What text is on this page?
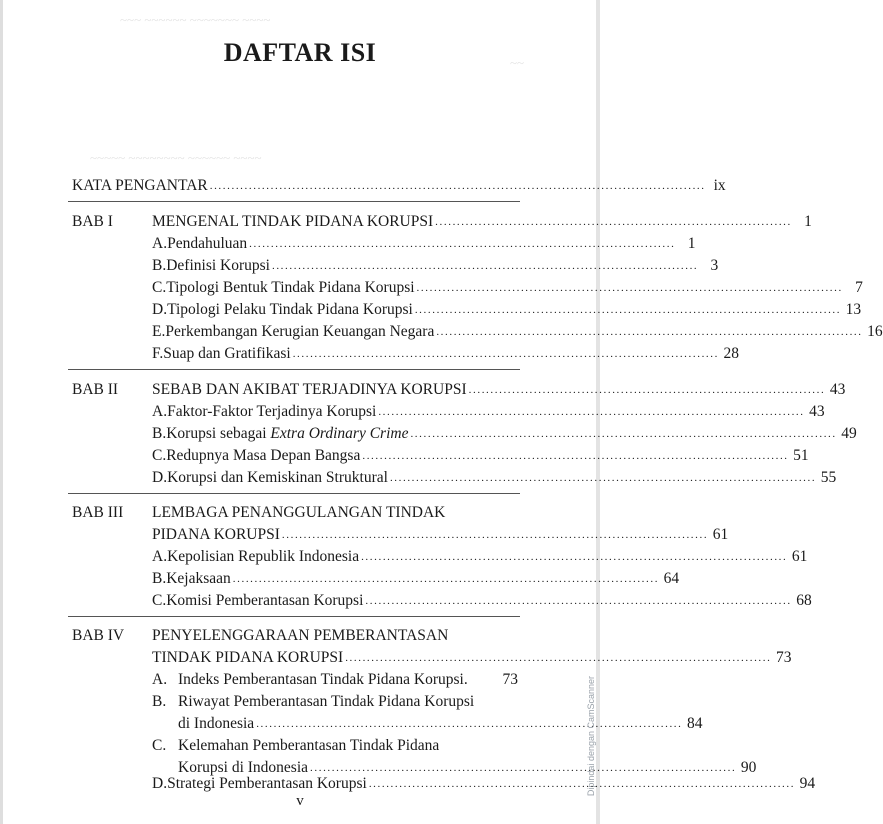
~~~ ~~~~~~ ~~~~~~~ ~~~~
~~
~~~~~ ~~~~~~~~ ~~~~~~ ~~~~
DAFTAR ISI
KATA PENGANTAR .................................................................................................................. ix
BAB I	MENGENAL TINDAK PIDANA KORUPSI .................................................................................. 1
A. Pendahuluan .................................................................................................. 1
B. Definisi Korupsi .................................................................................................. 3
C. Tipologi Bentuk Tindak Pidana Korupsi .................................................................................................. 7
D. Tipologi Pelaku Tindak Pidana Korupsi .................................................................................................. 13
E. Perkembangan Kerugian Keuangan Negara .................................................................................................. 16
F. Suap dan Gratifikasi .................................................................................................. 28
BAB II SEBAB DAN AKIBAT TERJADINYA KORUPSI .................................................................................. 43
A. Faktor-Faktor Terjadinya Korupsi .................................................................................................. 43
B. Korupsi sebagai Extra Ordinary Crime .................................................................................................. 49
C. Redupnya Masa Depan Bangsa .................................................................................................. 51
D. Korupsi dan Kemiskinan Struktural .................................................................................................. 55
BAB III LEMBAGA PENANGGULANGAN TINDAK
PIDANA KORUPSI .................................................................................................. 61
A. Kepolisian Republik Indonesia .................................................................................................. 61
B. Kejaksaan .................................................................................................. 64
C. Komisi Pemberantasan Korupsi .................................................................................................. 68
BAB IV PENYELENGGARAAN PEMBERANTASAN
TINDAK PIDANA KORUPSI .................................................................................................. 73
A. Indeks Pemberantasan Tindak Pidana Korupsi. 73
B. Riwayat Pemberantasan Tindak Pidana Korupsi
di Indonesia .................................................................................................. 84
C. Kelemahan Pemberantasan Tindak Pidana
Korupsi di Indonesia .................................................................................................. 90
v
Dipindai dengan CamScanner
D. Strategi Pemberantasan Korupsi .................................................................................................. 94
